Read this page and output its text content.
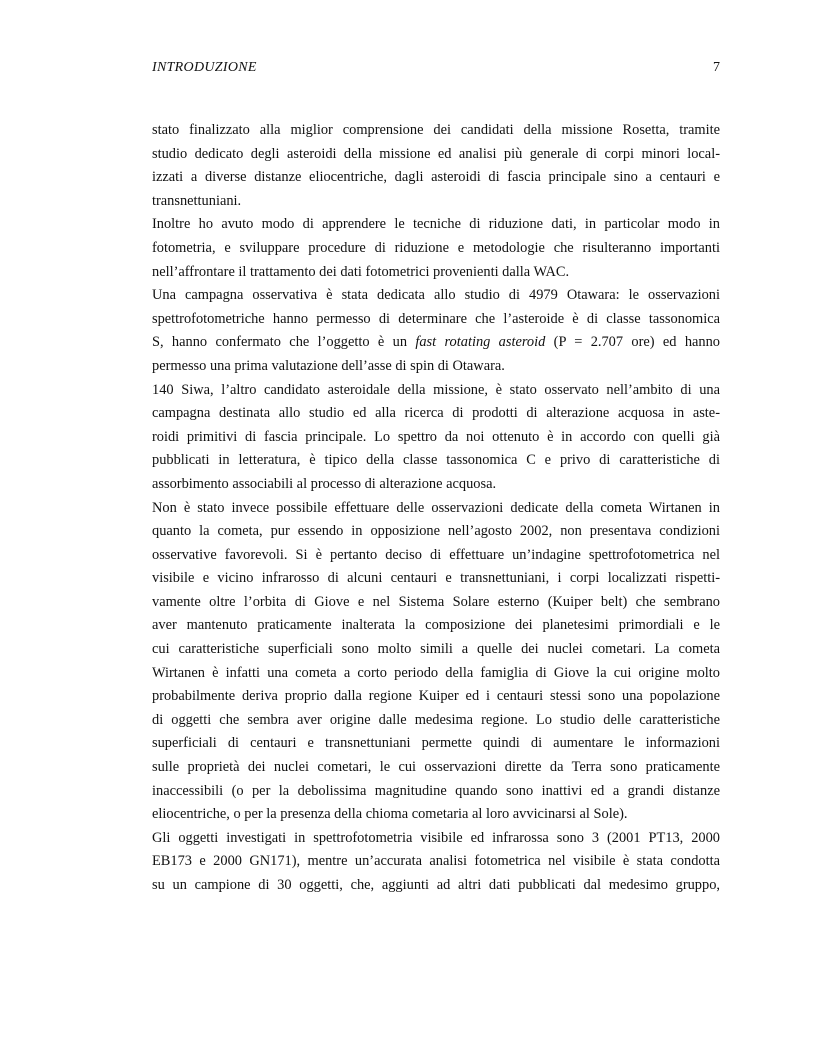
INTRODUZIONE	7
stato finalizzato alla miglior comprensione dei candidati della missione Rosetta, tramite
studio dedicato degli asteroidi della missione ed analisi più generale di corpi minori local-
izzati a diverse distanze eliocentriche, dagli asteroidi di fascia principale sino a centauri e
transnettuniani.
Inoltre ho avuto modo di apprendere le tecniche di riduzione dati, in particolar modo in
fotometria, e sviluppare procedure di riduzione e metodologie che risulteranno importanti
nell’affrontare il trattamento dei dati fotometrici provenienti dalla WAC.
Una campagna osservativa è stata dedicata allo studio di 4979 Otawara: le osservazioni
spettrofotometriche hanno permesso di determinare che l’asteroide è di classe tassonomica
S, hanno confermato che l’oggetto è un fast rotating asteroid (P = 2.707 ore) ed hanno
permesso una prima valutazione dell’asse di spin di Otawara.
140 Siwa, l’altro candidato asteroidale della missione, è stato osservato nell’ambito di una
campagna destinata allo studio ed alla ricerca di prodotti di alterazione acquosa in aste-
roidi primitivi di fascia principale. Lo spettro da noi ottenuto è in accordo con quelli già
pubblicati in letteratura, è tipico della classe tassonomica C e privo di caratteristiche di
assorbimento associabili al processo di alterazione acquosa.
Non è stato invece possibile effettuare delle osservazioni dedicate della cometa Wirtanen in
quanto la cometa, pur essendo in opposizione nell’agosto 2002, non presentava condizioni
osservative favorevoli. Si è pertanto deciso di effettuare un’indagine spettrofotometrica nel
visibile e vicino infrarosso di alcuni centauri e transnettuniani, i corpi localizzati rispetti-
vamente oltre l’orbita di Giove e nel Sistema Solare esterno (Kuiper belt) che sembrano
aver mantenuto praticamente inalterata la composizione dei planetesimi primordiali e le
cui caratteristiche superficiali sono molto simili a quelle dei nuclei cometari. La cometa
Wirtanen è infatti una cometa a corto periodo della famiglia di Giove la cui origine molto
probabilmente deriva proprio dalla regione Kuiper ed i centauri stessi sono una popolazione
di oggetti che sembra aver origine dalle medesima regione. Lo studio delle caratteristiche
superficiali di centauri e transnettuniani permette quindi di aumentare le informazioni
sulle proprietà dei nuclei cometari, le cui osservazioni dirette da Terra sono praticamente
inaccessibili (o per la debolissima magnitudine quando sono inattivi ed a grandi distanze
eliocentriche, o per la presenza della chioma cometaria al loro avvicinarsi al Sole).
Gli oggetti investigati in spettrofotometria visibile ed infrarossa sono 3 (2001 PT13, 2000
EB173 e 2000 GN171), mentre un’accurata analisi fotometrica nel visibile è stata condotta
su un campione di 30 oggetti, che, aggiunti ad altri dati pubblicati dal medesimo gruppo,
